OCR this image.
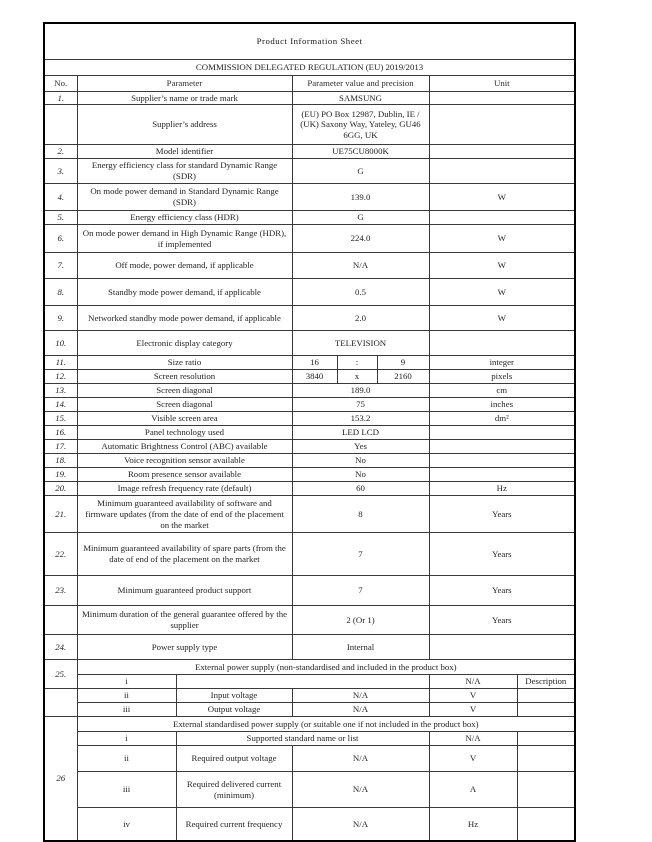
Product Information Sheet							
COMMISSION DELEGATED REGULATION (EU) 2019/2013							
No.	Parameter		Parameter value and precision			Unit	
1.	Supplier’s name or trade mark		SAMSUNG				
	Supplier’s address		(EU) PO Box 12987, Dublin, IE / (UK) Saxony Way, Yateley, GU46 6GG, UK				
2.	Model identifier		UE75CU8000K				
3.	Energy efficiency class for standard Dynamic Range (SDR)		G				
4.	On mode power demand in Standard Dynamic Range (SDR)		139.0			W	
5.	Energy efficiency class (HDR)		G				
6.	On mode power demand in High Dynamic Range (HDR), if implemented		224.0			W	
7.	Off mode, power demand, if applicable		N/A			W	
8.	Standby mode power demand, if applicable		0.5			W	
9.	Networked standby mode power demand, if applicable		2.0			W	
10.	Electronic display category		TELEVISION				
11.	Size ratio		16	:	9	integer	
12.	Screen resolution		3840	x	2160	pixels	
13.	Screen diagonal		189.0			cm	
14.	Screen diagonal		75			inches	
15.	Visible screen area		153.2			dm²	
16.	Panel technology used		LED LCD				
17.	Automatic Brightness Control (ABC) available		Yes				
18.	Voice recognition sensor available		No				
19.	Room presence sensor available		No				
20.	Image refresh frequency rate (default)		60			Hz	
21.	Minimum guaranteed availability of software and firmware updates (from the date of end of the placement on the market		8			Years	
22.	Minimum guaranteed availability of spare parts (from the date of end of the placement on the market		7			Years	
23.	Minimum guaranteed product support		7			Years	
	Minimum duration of the general guarantee offered by the supplier		2 (Or 1)			Years	
24.	Power supply type		Internal				
25.	External power supply (non-standardised and included in the product box)						
	i					N/A	Description
	ii	Input voltage	N/A			V	
	iii	Output voltage	N/A			V	
26	External standardised power supply (or suitable one if not included in the product box)						
	i	Supported standard name or list				N/A	
	ii	Required output voltage	N/A			V	
	iii	Required delivered current (minimum)	N/A			A	
	iv	Required current frequency	N/A			Hz	
